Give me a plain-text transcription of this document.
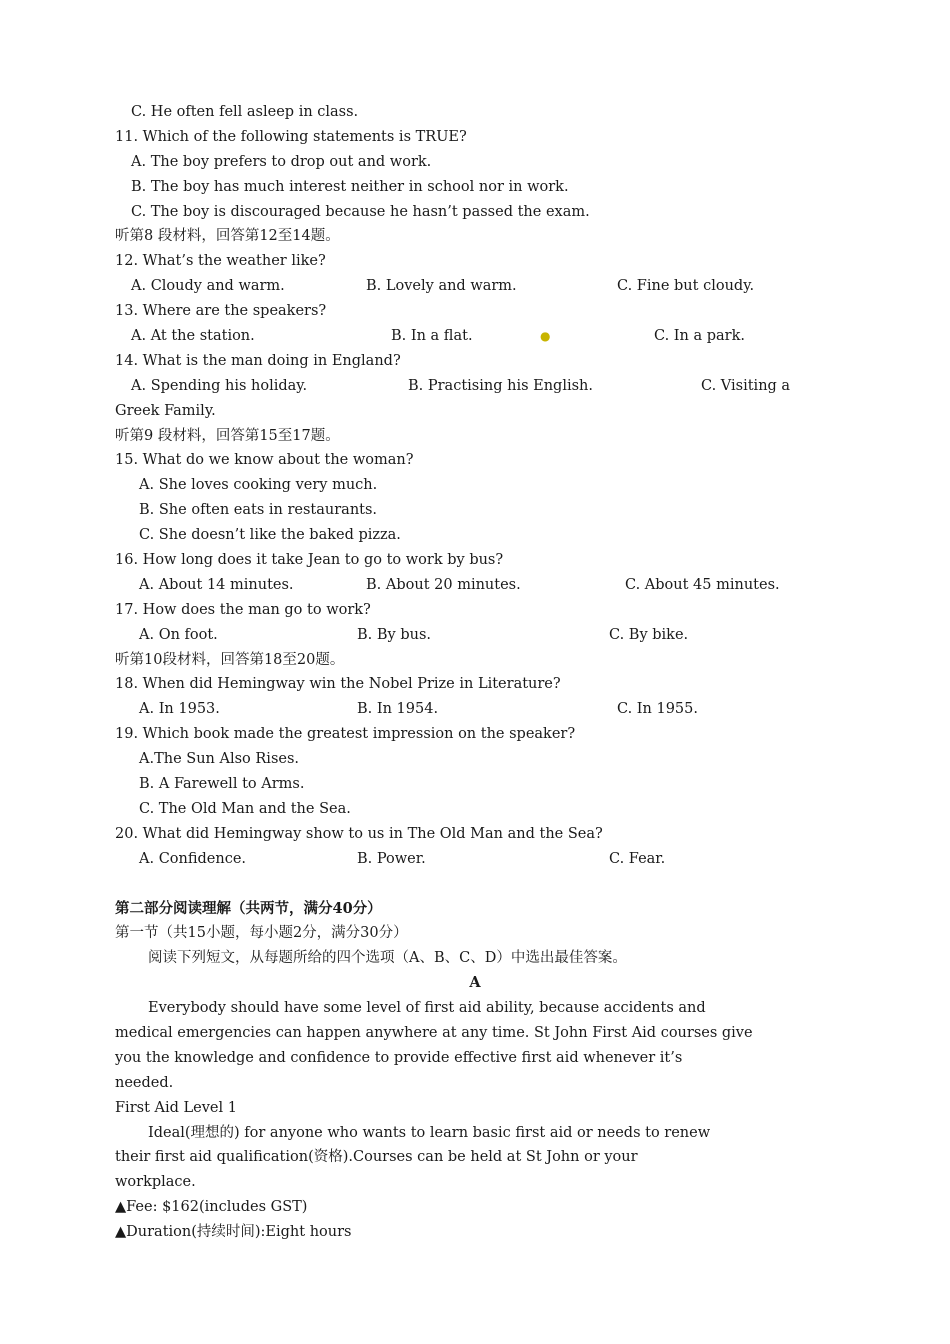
C. He often fell asleep in class.
11. Which of the following statements is TRUE?
A. The boy prefers to drop out and work.
B. The boy has much interest neither in school nor in work.
C. The boy is discouraged because he hasn’t passed the exam.
听第8 段材料，回答第12至14题。
12. What’s the weather like?

A. Cloudy and warm.

	B. Lovely and warm.

	C. Fine but cloudy.

13. Where are the speakers?

A. At the station.

	B. In a flat.

	●

	C. In a park.

14. What is the man doing in England?

A. Spending his holiday.

	B. Practising his English.

	C. Visiting a

Greek Family.
听第9 段材料，回答第15至17题。
15. What do we know about the woman?
A. She loves cooking very much.
B. She often eats in restaurants.
C. She doesn’t like the baked pizza.
16. How long does it take Jean to go to work by bus?

A. About 14 minutes.

	B. About 20 minutes.

	C. About 45 minutes.

17. How does the man go to work?

A. On foot.

	B. By bus.

	C. By bike.

听第10段材料，回答第18至20题。
18. When did Hemingway win the Nobel Prize in Literature?

A. In 1953.

	B. In 1954.

	C. In 1955.

19. Which book made the greatest impression on the speaker?
A.The Sun Also Rises.
B. A Farewell to Arms.
C. The Old Man and the Sea.
20. What did Hemingway show to us in The Old Man and the Sea?

A. Confidence.

	B. Power.

	C. Fear.

第二部分阅读理解（共两节，满分40分）
第一节（共15小题，每小题2分，满分30分）
阅读下列短文，从每题所给的四个选项（A、B、C、D）中选出最佳答案。
A
Everybody should have some level of first aid ability, because accidents and
medical emergencies can happen anywhere at any time. St John First Aid courses give
you the knowledge and confidence to provide effective first aid whenever it’s
needed.
First Aid Level 1
Ideal(理想的) for anyone who wants to learn basic first aid or needs to renew
their first aid qualification(资格).Courses can be held at St John or your
workplace.
▲Fee: $162(includes GST)
▲Duration(持续时间):Eight hours
